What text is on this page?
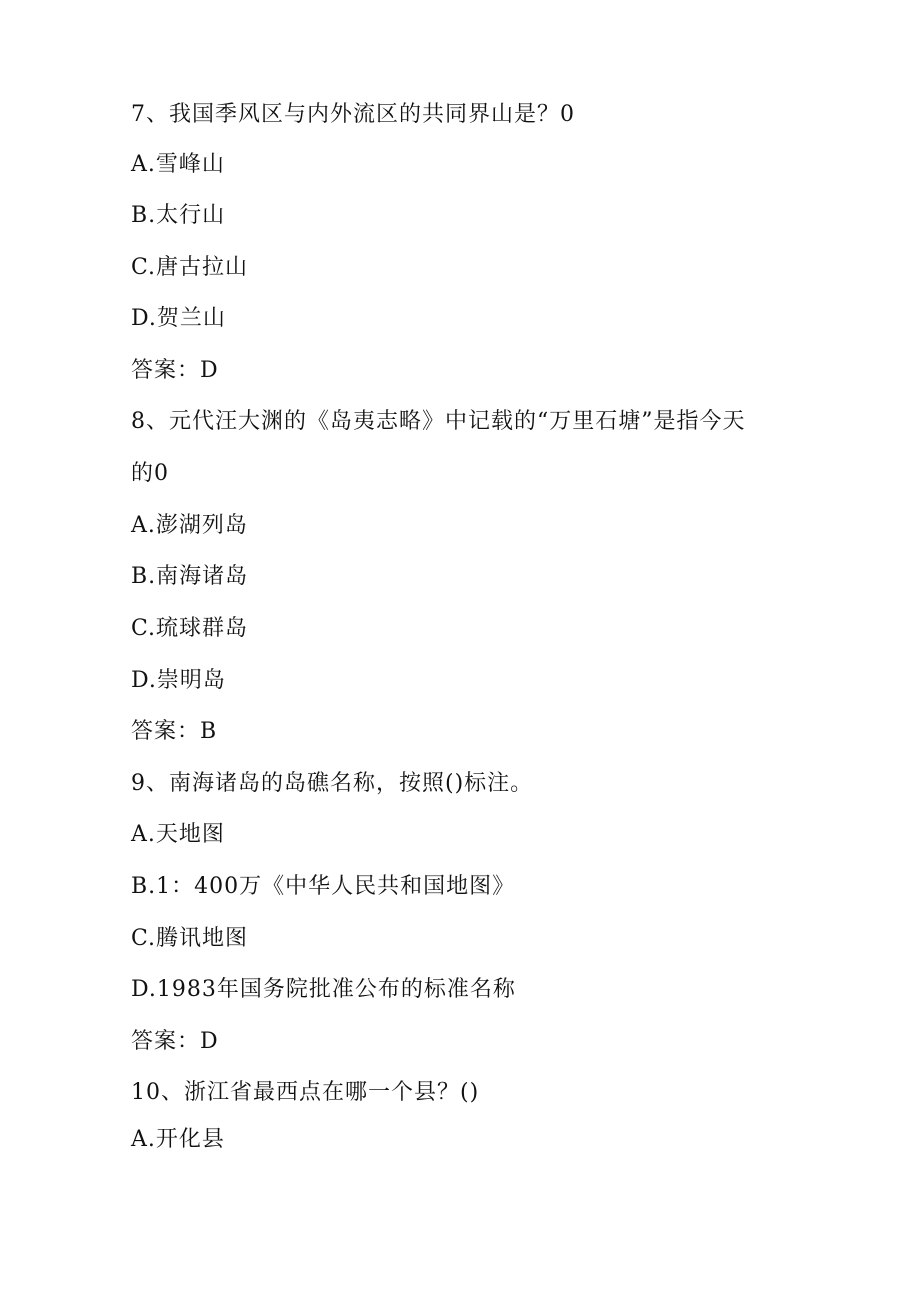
7、我国季风区与内外流区的共同界山是？0
A.雪峰山
B.太行山
C.唐古拉山
D.贺兰山
答案：D
8、元代汪大渊的《岛夷志略》中记载的“万里石塘”是指今天
的0
A.澎湖列岛
B.南海诸岛
C.琉球群岛
D.崇明岛
答案：B
9、南海诸岛的岛礁名称，按照()标注。
A.天地图
B.1：400万《中华人民共和国地图》
C.腾讯地图
D.1983年国务院批准公布的标准名称
答案：D
10、浙江省最西点在哪一个县？()
A.开化县
